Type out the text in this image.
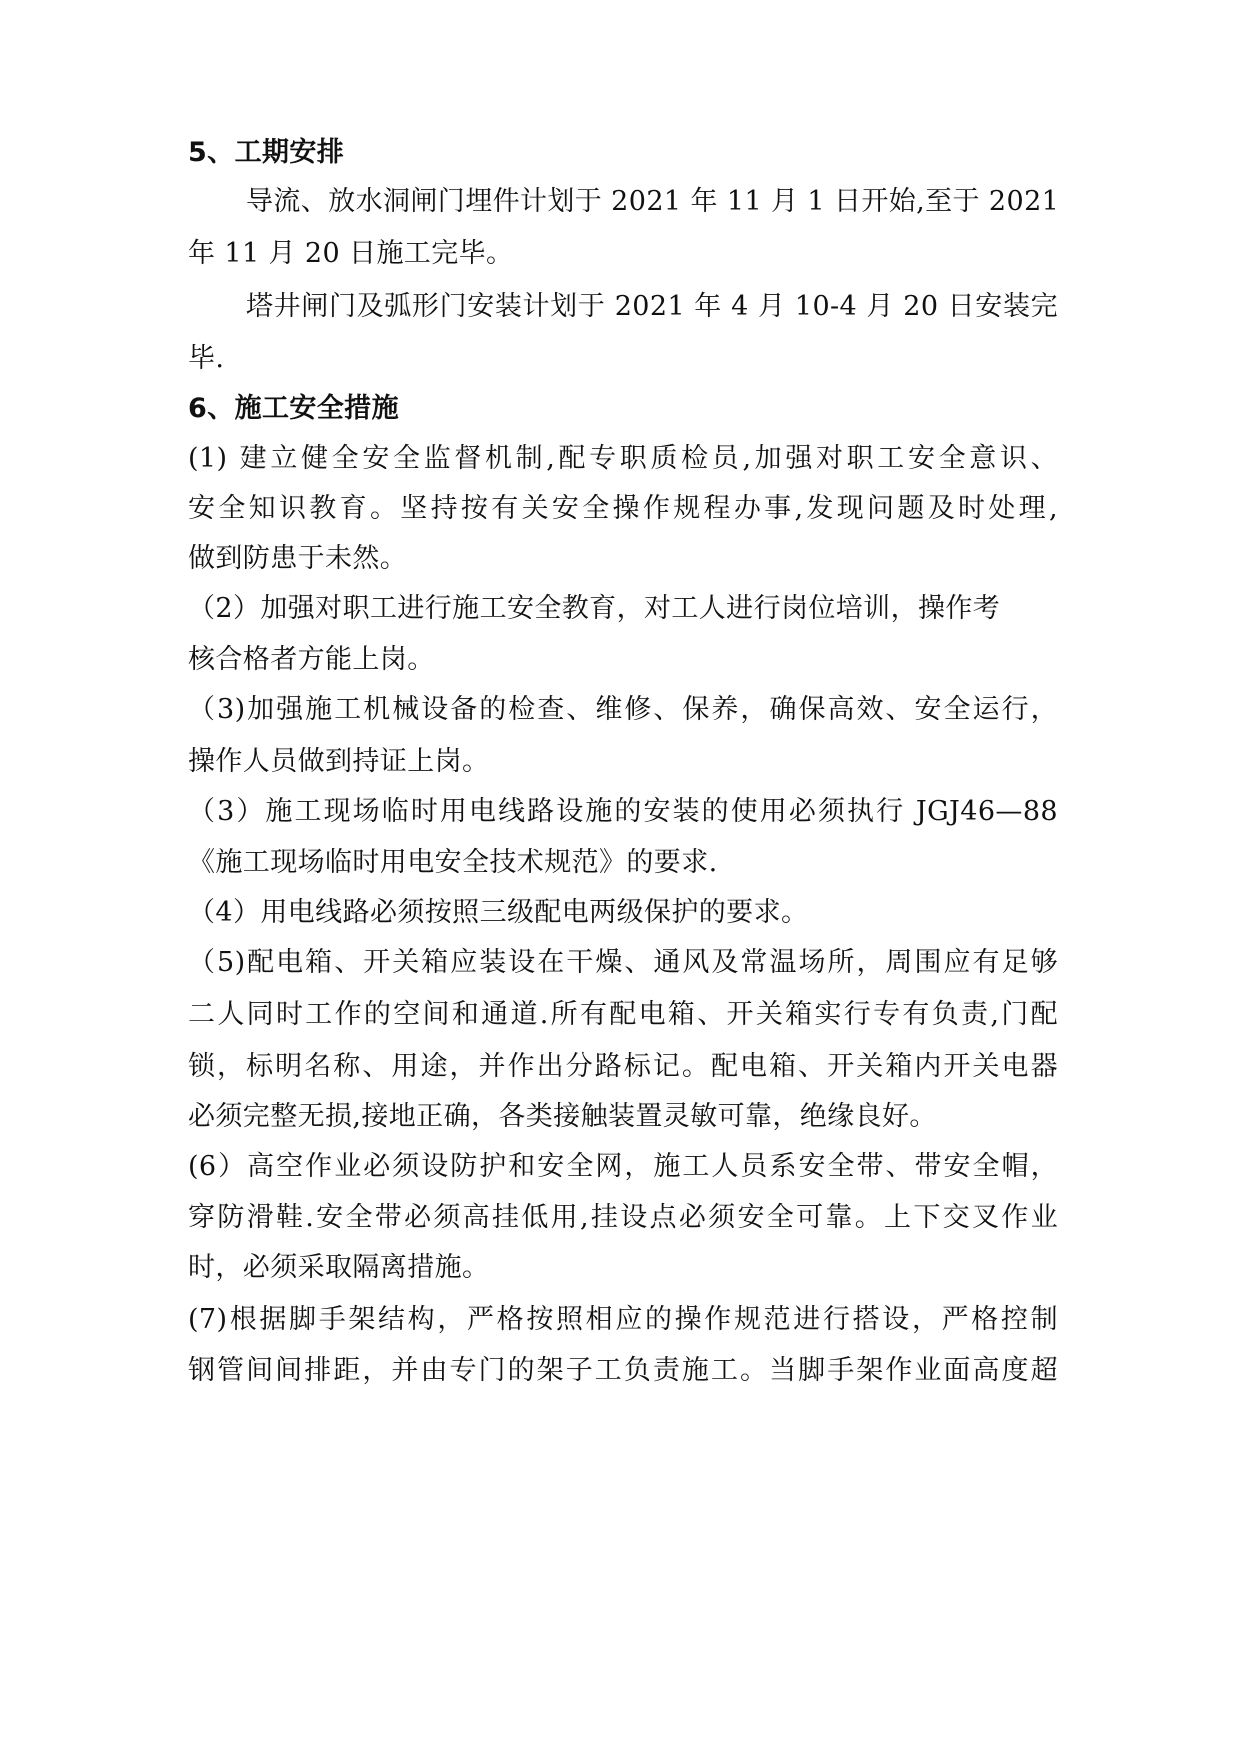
5、工期安排
导流、放水洞闸门埋件计划于 2021 年 11 月 1 日开始,至于 2021
年 11 月 20 日施工完毕。
塔井闸门及弧形门安装计划于 2021 年 4 月 10-4 月 20 日安装完
毕.
6、施工安全措施
(1) 建立健全安全监督机制,配专职质检员,加强对职工安全意识、
安全知识教育。坚持按有关安全操作规程办事,发现问题及时处理,
做到防患于未然。
（2）加强对职工进行施工安全教育，对工人进行岗位培训，操作考
核合格者方能上岗。
（3)加强施工机械设备的检查、维修、保养，确保高效、安全运行，
操作人员做到持证上岗。
（3）施工现场临时用电线路设施的安装的使用必须执行 JGJ46—88
《施工现场临时用电安全技术规范》的要求.
（4）用电线路必须按照三级配电两级保护的要求。
（5)配电箱、开关箱应装设在干燥、通风及常温场所，周围应有足够
二人同时工作的空间和通道.所有配电箱、开关箱实行专有负责,门配
锁，标明名称、用途，并作出分路标记。配电箱、开关箱内开关电器
必须完整无损,接地正确，各类接触装置灵敏可靠，绝缘良好。
(6）高空作业必须设防护和安全网，施工人员系安全带、带安全帽，
穿防滑鞋.安全带必须高挂低用,挂设点必须安全可靠。上下交叉作业
时，必须采取隔离措施。
(7)根据脚手架结构，严格按照相应的操作规范进行搭设，严格控制
钢管间间排距，并由专门的架子工负责施工。当脚手架作业面高度超
